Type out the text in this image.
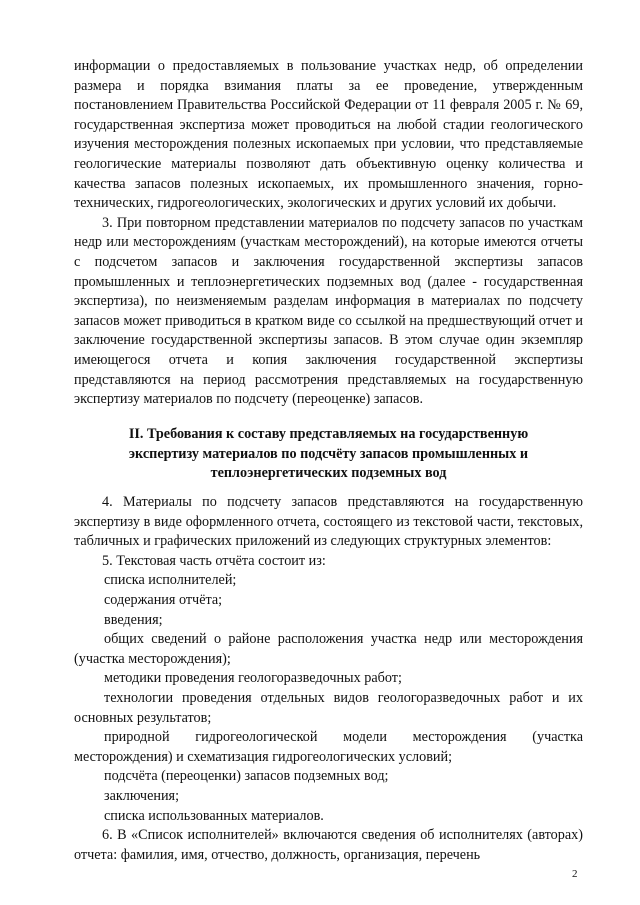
информации о предоставляемых в пользование участках недр, об определении размера и порядка взимания платы за ее проведение, утвержденным постановлением Правительства Российской Федерации от 11 февраля 2005 г. № 69, государственная экспертиза может проводиться на любой стадии геологического изучения месторождения полезных ископаемых при условии, что представляемые геологические материалы позволяют дать объективную оценку количества и качества запасов полезных ископаемых, их промышленного значения, горно-технических, гидрогеологических, экологических и других условий их добычи.

3. При повторном представлении материалов по подсчету запасов по участкам недр или месторождениям (участкам месторождений), на которые имеются отчеты с подсчетом запасов и заключения государственной экспертизы запасов промышленных и теплоэнергетических подземных вод (далее - государственная экспертиза), по неизменяемым разделам информация в материалах по подсчету запасов может приводиться в кратком виде со ссылкой на предшествующий отчет и заключение государственной экспертизы запасов. В этом случае один экземпляр имеющегося отчета и копия заключения государственной экспертизы представляются на период рассмотрения представляемых на государственную экспертизу материалов по подсчету (переоценке) запасов.

II. Требования к составу представляемых на государственную
экспертизу материалов по подсчёту запасов промышленных и
теплоэнергетических подземных вод

4. Материалы по подсчету запасов представляются на государственную экспертизу в виде оформленного отчета, состоящего из текстовой части, текстовых, табличных и графических приложений из следующих структурных элементов:

5. Текстовая часть отчёта состоит из:

списка исполнителей;

содержания отчёта;

введения;

общих сведений о районе расположения участка недр или месторождения (участка месторождения);

методики проведения геологоразведочных работ;

технологии проведения отдельных видов геологоразведочных работ и их основных результатов;

природной гидрогеологической модели месторождения (участка месторождения) и схематизация гидрогеологических условий;

подсчёта (переоценки) запасов подземных вод;

заключения;

списка использованных материалов.

6. В «Список исполнителей» включаются сведения об исполнителях (авторах) отчета: фамилия, имя, отчество, должность, организация, перечень

2
